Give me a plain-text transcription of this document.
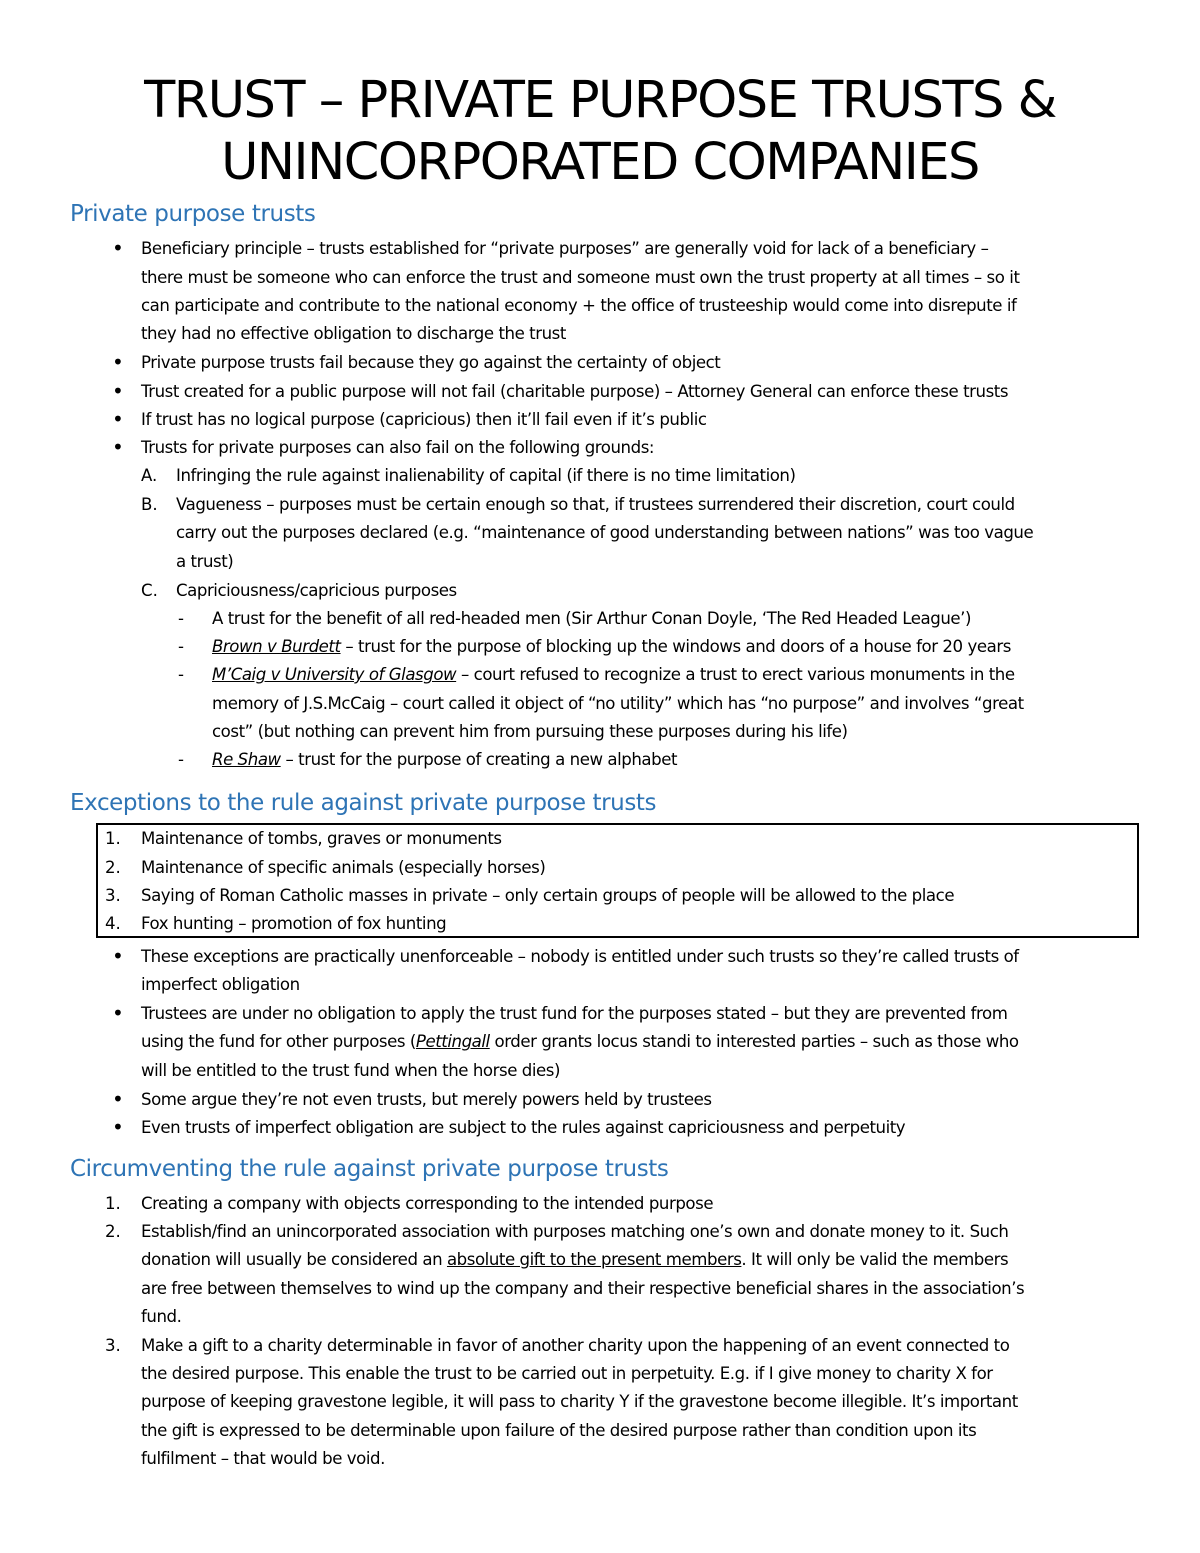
TRUST – PRIVATE PURPOSE TRUSTS &
UNINCORPORATED COMPANIES
Private purpose trusts
• Beneficiary principle – trusts established for “private purposes” are generally void for lack of a beneficiary –
there must be someone who can enforce the trust and someone must own the trust property at all times – so it
can participate and contribute to the national economy + the office of trusteeship would come into disrepute if
they had no effective obligation to discharge the trust
• Private purpose trusts fail because they go against the certainty of object
• Trust created for a public purpose will not fail (charitable purpose) – Attorney General can enforce these trusts
• If trust has no logical purpose (capricious) then it’ll fail even if it’s public
• Trusts for private purposes can also fail on the following grounds:
A. Infringing the rule against inalienability of capital (if there is no time limitation)
B. Vagueness – purposes must be certain enough so that, if trustees surrendered their discretion, court could
carry out the purposes declared (e.g. “maintenance of good understanding between nations” was too vague
a trust)
C. Capriciousness/capricious purposes
- A trust for the benefit of all red-headed men (Sir Arthur Conan Doyle, ‘The Red Headed League’)
- Brown v Burdett – trust for the purpose of blocking up the windows and doors of a house for 20 years
- M’Caig v University of Glasgow – court refused to recognize a trust to erect various monuments in the
memory of J.S.McCaig – court called it object of “no utility” which has “no purpose” and involves “great
cost” (but nothing can prevent him from pursuing these purposes during his life)
- Re Shaw – trust for the purpose of creating a new alphabet
Exceptions to the rule against private purpose trusts
1. Maintenance of tombs, graves or monuments
2. Maintenance of specific animals (especially horses)
3. Saying of Roman Catholic masses in private – only certain groups of people will be allowed to the place
4. Fox hunting – promotion of fox hunting
• These exceptions are practically unenforceable – nobody is entitled under such trusts so they’re called trusts of
imperfect obligation
• Trustees are under no obligation to apply the trust fund for the purposes stated – but they are prevented from
using the fund for other purposes (Pettingall order grants locus standi to interested parties – such as those who
will be entitled to the trust fund when the horse dies)
• Some argue they’re not even trusts, but merely powers held by trustees
• Even trusts of imperfect obligation are subject to the rules against capriciousness and perpetuity
Circumventing the rule against private purpose trusts
1. Creating a company with objects corresponding to the intended purpose
2. Establish/find an unincorporated association with purposes matching one’s own and donate money to it. Such
donation will usually be considered an absolute gift to the present members. It will only be valid the members
are free between themselves to wind up the company and their respective beneficial shares in the association’s
fund.
3. Make a gift to a charity determinable in favor of another charity upon the happening of an event connected to
the desired purpose. This enable the trust to be carried out in perpetuity. E.g. if I give money to charity X for
purpose of keeping gravestone legible, it will pass to charity Y if the gravestone become illegible. It’s important
the gift is expressed to be determinable upon failure of the desired purpose rather than condition upon its
fulfilment – that would be void.
